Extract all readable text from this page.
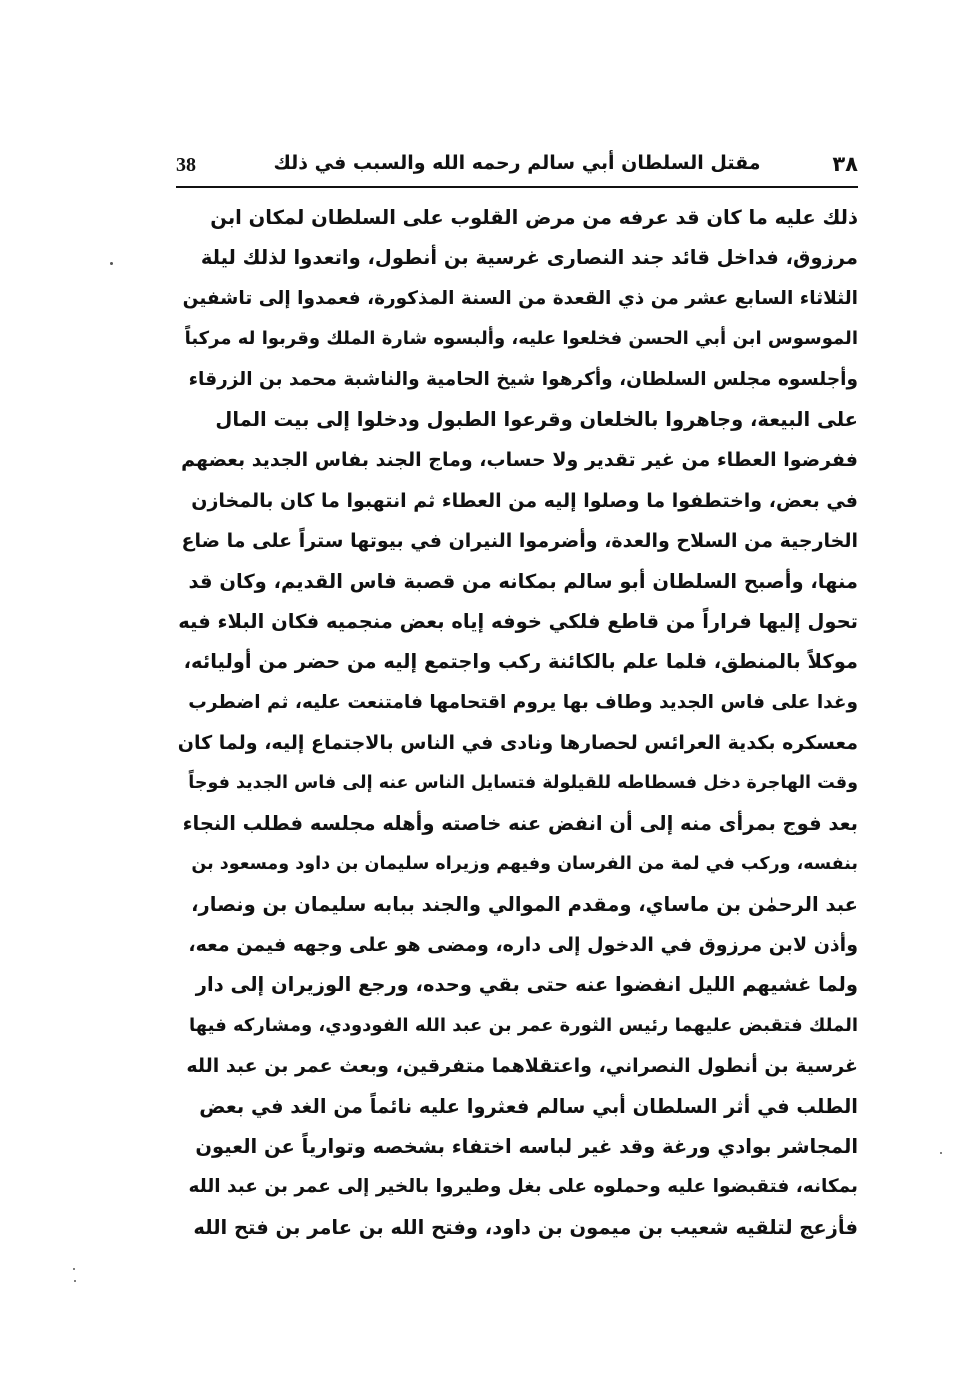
38	مقتل السلطان أبي سالم رحمه الله والسبب في ذلك	٣٨
ذلك عليه ما كان قد عرفه من مرض القلوب على السلطان لمكان ابن
مرزوق، فداخل قائد جند النصارى غرسية بن أنطول، واتعدوا لذلك ليلة
الثلاثاء السابع عشر من ذي القعدة من السنة المذكورة، فعمدوا إلى تاشفين
الموسوس ابن أبي الحسن فخلعوا عليه، وألبسوه شارة الملك وقربوا له مركباً
وأجلسوه مجلس السلطان، وأكرهوا شيخ الحامية والناشبة محمد بن الزرقاء
على البيعة، وجاهروا بالخلعان وقرعوا الطبول ودخلوا إلى بيت المال
ففرضوا العطاء من غير تقدير ولا حساب، وماج الجند بفاس الجديد بعضهم
في بعض، واختطفوا ما وصلوا إليه من العطاء ثم انتهبوا ما كان بالمخازن
الخارجية من السلاح والعدة، وأضرموا النيران في بيوتها ستراً على ما ضاع
منها، وأصبح السلطان أبو سالم بمكانه من قصبة فاس القديم، وكان قد
تحول إليها فراراً من قاطع فلكي خوفه إياه بعض منجميه فكان البلاء فيه
موكلاً بالمنطق، فلما علم بالكائنة ركب واجتمع إليه من حضر من أوليائه،
وغدا على فاس الجديد وطاف بها يروم اقتحامها فامتنعت عليه، ثم اضطرب
معسكره بكدية العرائس لحصارها ونادى في الناس بالاجتماع إليه، ولما كان
وقت الهاجرة دخل فسطاطه للقيلولة فتسايل الناس عنه إلى فاس الجديد فوجاً
بعد فوج بمرأى منه إلى أن انفض عنه خاصته وأهله مجلسه فطلب النجاء
بنفسه، وركب في لمة من الفرسان وفيهم وزيراه سليمان بن داود ومسعود بن
عبد الرحمٰن بن ماساي، ومقدم الموالي والجند ببابه سليمان بن ونصار،
وأذن لابن مرزوق في الدخول إلى داره، ومضى هو على وجهه فيمن معه،
ولما غشيهم الليل انفضوا عنه حتى بقي وحده، ورجع الوزيران إلى دار
الملك فتقبض عليهما رئيس الثورة عمر بن عبد الله الفودودي، ومشاركه فيها
غرسية بن أنطول النصراني، واعتقلاهما متفرقين، وبعث عمر بن عبد الله
الطلب في أثر السلطان أبي سالم فعثروا عليه نائماً من الغد في بعض
المجاشر بوادي ورغة وقد غير لباسه اختفاء بشخصه وتوارياً عن العيون
بمكانه، فتقبضوا عليه وحملوه على بغل وطيروا بالخير إلى عمر بن عبد الله
فأزعج لتلقيه شعيب بن ميمون بن داود، وفتح الله بن عامر بن فتح الله
